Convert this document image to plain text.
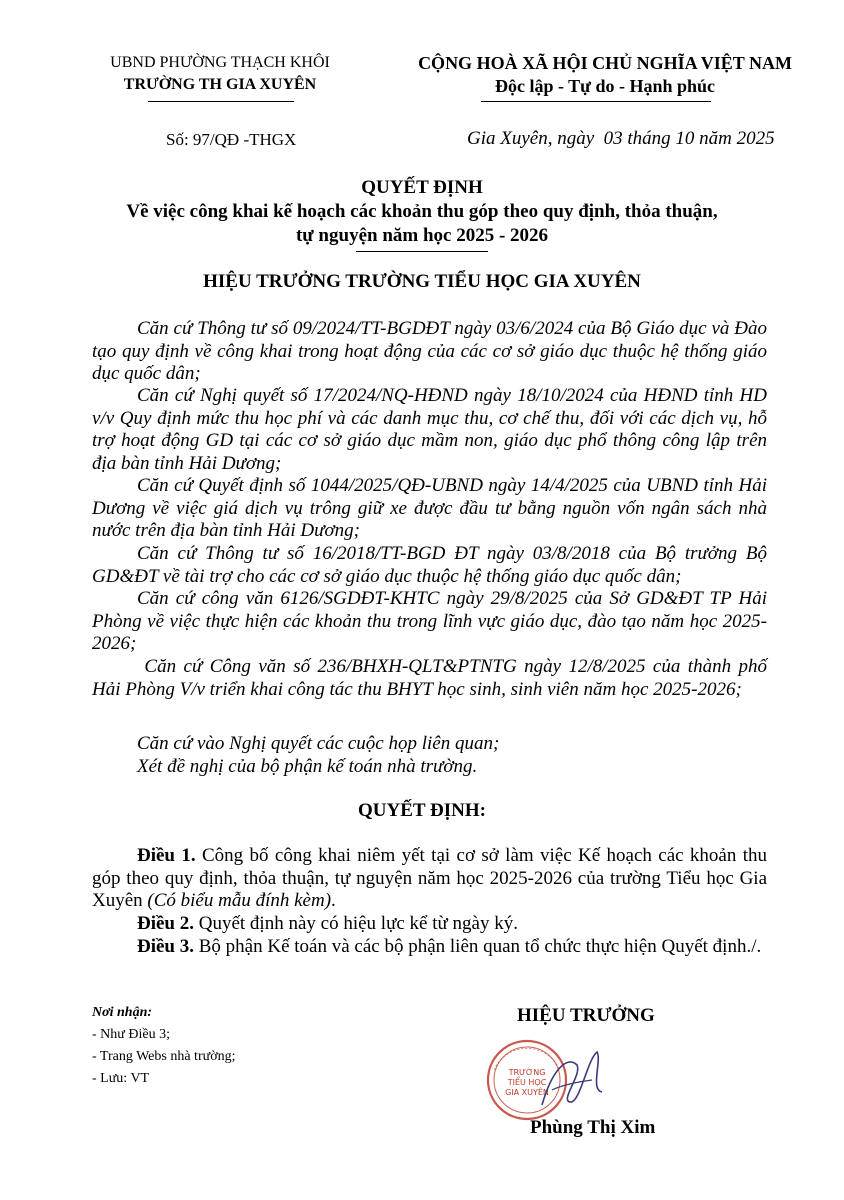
UBND PHƯỜNG THẠCH KHÔI
TRƯỜNG TH GIA XUYÊN
CỘNG HOÀ XÃ HỘI CHỦ NGHĨA VIỆT NAM
Độc lập - Tự do - Hạnh phúc
Số: 97/QĐ -THGX	Gia Xuyên, ngày  03 tháng 10 năm 2025
QUYẾT ĐỊNH
Về việc công khai kế hoạch các khoản thu góp theo quy định, thỏa thuận,
tự nguyện năm học 2025 - 2026
HIỆU TRƯỞNG TRƯỜNG TIỂU HỌC GIA XUYÊN
Căn cứ Thông tư số 09/2024/TT-BGDĐT ngày 03/6/2024 của Bộ Giáo dục và Đào tạo quy định về công khai trong hoạt động của các cơ sở giáo dục thuộc hệ thống giáo dục quốc dân;
Căn cứ Nghị quyết số 17/2024/NQ-HĐND ngày 18/10/2024 của HĐND tỉnh HD v/v Quy định mức thu học phí và các danh mục thu, cơ chế thu, đối với các dịch vụ, hỗ trợ hoạt động GD tại các cơ sở giáo dục mầm non, giáo dục phổ thông công lập trên địa bàn tỉnh Hải Dương;
Căn cứ Quyết định số 1044/2025/QĐ-UBND ngày 14/4/2025 của UBND tỉnh Hải Dương về việc giá dịch vụ trông giữ xe được đầu tư bằng nguồn vốn ngân sách nhà nước trên địa bàn tỉnh Hải Dương;
Căn cứ Thông tư số 16/2018/TT-BGD ĐT ngày 03/8/2018 của Bộ trưởng Bộ GD&ĐT về tài trợ cho các cơ sở giáo dục thuộc hệ thống giáo dục quốc dân;
Căn cứ công văn 6126/SGDĐT-KHTC ngày 29/8/2025 của Sở GD&ĐT TP Hải Phòng về việc thực hiện các khoản thu trong lĩnh vực giáo dục, đào tạo năm học 2025-2026;
Căn cứ Công văn số 236/BHXH-QLT&PTNTG ngày 12/8/2025 của thành phố Hải Phòng V/v triển khai công tác thu BHYT học sinh, sinh viên năm học 2025-2026;
Căn cứ vào Nghị quyết các cuộc họp liên quan;
Xét đề nghị của bộ phận kế toán nhà trường.
QUYẾT ĐỊNH:
Điều 1. Công bố công khai niêm yết tại cơ sở làm việc Kế hoạch các khoản thu góp theo quy định, thỏa thuận, tự nguyện năm học 2025-2026 của trường Tiểu học Gia Xuyên (Có biểu mẫu đính kèm).
Điều 2. Quyết định này có hiệu lực kể từ ngày ký.
Điều 3. Bộ phận Kế toán và các bộ phận liên quan tổ chức thực hiện Quyết định./.
Nơi nhận:
- Như Điều 3;
- Trang Webs nhà trường;
- Lưu: VT
HIỆU TRƯỞNG
TRƯỜNG
TIỂU HỌC
GIA XUYÊN
Phùng Thị Xim
